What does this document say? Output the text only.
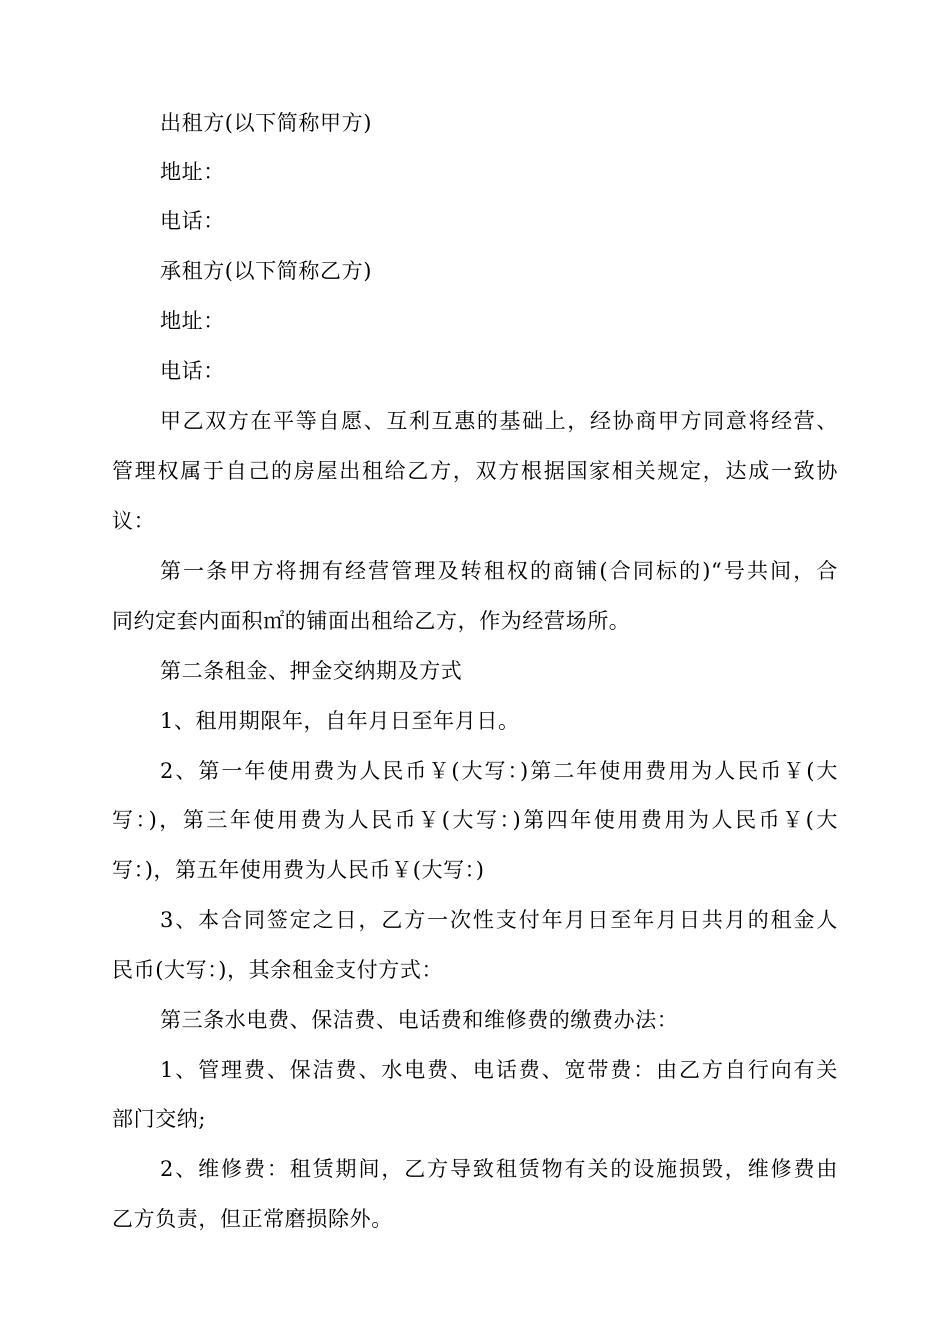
出租方(以下简称甲方)
地址：
电话：
承租方(以下简称乙方)
地址：
电话：
甲乙双方在平等自愿、互利互惠的基础上，经协商甲方同意将经营、
管理权属于自己的房屋出租给乙方，双方根据国家相关规定，达成一致协
议：
第一条甲方将拥有经营管理及转租权的商铺(合同标的)“号共间，合
同约定套内面积㎡的铺面出租给乙方，作为经营场所。
第二条租金、押金交纳期及方式
1、租用期限年，自年月日至年月日。
2、第一年使用费为人民币￥(大写：)第二年使用费用为人民币￥(大
写：)，第三年使用费为人民币￥(大写：)第四年使用费用为人民币￥(大
写：)，第五年使用费为人民币￥(大写：)
3、本合同签定之日，乙方一次性支付年月日至年月日共月的租金人
民币(大写：)，其余租金支付方式：
第三条水电费、保洁费、电话费和维修费的缴费办法：
1、管理费、保洁费、水电费、电话费、宽带费：由乙方自行向有关
部门交纳;
2、维修费：租赁期间，乙方导致租赁物有关的设施损毁，维修费由
乙方负责，但正常磨损除外。
